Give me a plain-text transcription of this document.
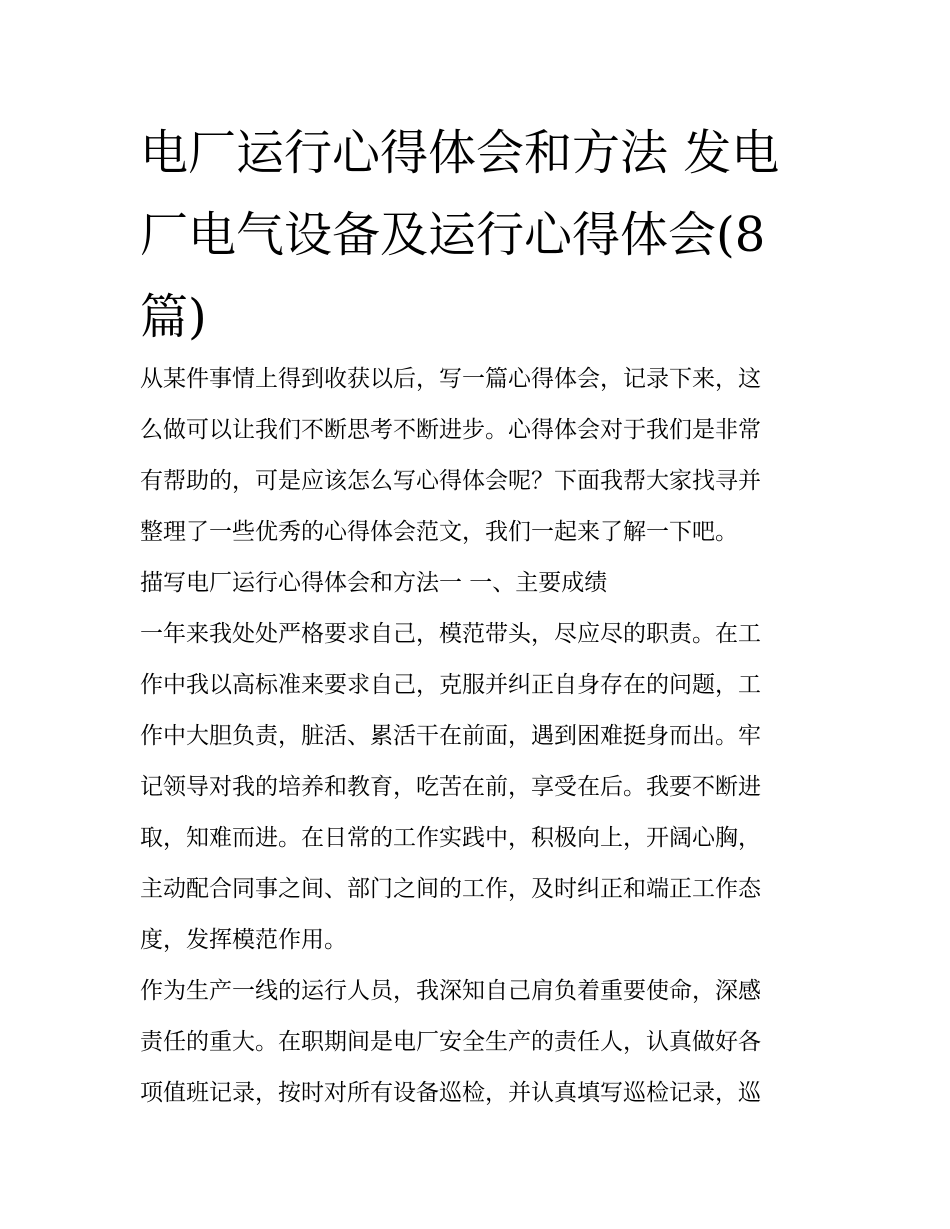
电厂运行心得体会和方法 发电
厂电气设备及运行心得体会(8
篇)

从某件事情上得到收获以后，写一篇心得体会，记录下来，这
么做可以让我们不断思考不断进步。心得体会对于我们是非常
有帮助的，可是应该怎么写心得体会呢？下面我帮大家找寻并
整理了一些优秀的心得体会范文，我们一起来了解一下吧。

描写电厂运行心得体会和方法一 一、主要成绩

一年来我处处严格要求自己，模范带头，尽应尽的职责。在工
作中我以高标准来要求自己，克服并纠正自身存在的问题，工
作中大胆负责，脏活、累活干在前面，遇到困难挺身而出。牢
记领导对我的培养和教育，吃苦在前，享受在后。我要不断进
取，知难而进。在日常的工作实践中，积极向上，开阔心胸，
主动配合同事之间、部门之间的工作，及时纠正和端正工作态
度，发挥模范作用。

作为生产一线的运行人员，我深知自己肩负着重要使命，深感
责任的重大。在职期间是电厂安全生产的责任人，认真做好各
项值班记录，按时对所有设备巡检，并认真填写巡检记录，巡
